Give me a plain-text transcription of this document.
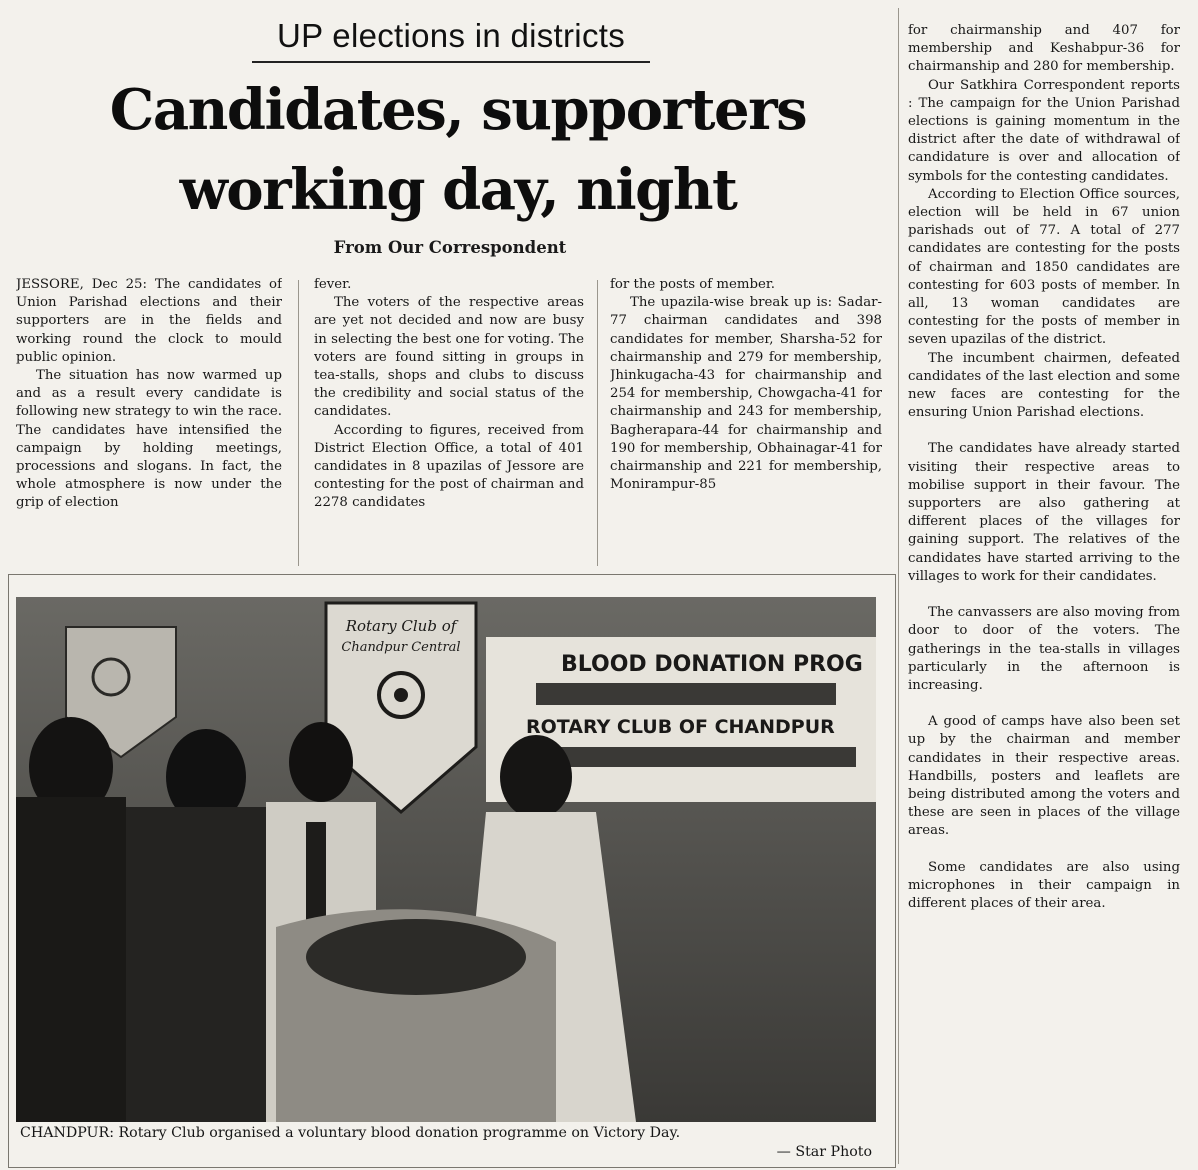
UP elections in districts
Candidates, supporters working day, night
From Our Correspondent

JESSORE, Dec 25: The candidates of Union Parishad elections and their supporters are in the fields and working round the clock to mould public opinion.

The situation has now warmed up and as a result every candidate is following new strategy to win the race. The candidates have intensified the campaign by holding meetings, processions and slogans. In fact, the whole atmosphere is now under the grip of election

fever.

The voters of the respective areas are yet not decided and now are busy in selecting the best one for voting. The voters are found sitting in groups in tea-stalls, shops and clubs to discuss the credibility and social status of the candidates.

According to figures, received from District Election Office, a total of 401 candidates in 8 upazilas of Jessore are contesting for the post of chairman and 2278 candidates

for the posts of member.

The upazila-wise break up is: Sadar-77 chairman candidates and 398 candidates for member, Sharsha-52 for chairmanship and 279 for membership, Jhinkugacha-43 for chairmanship and 254 for membership, Chowgacha-41 for chairmanship and 243 for membership, Bagherapara-44 for chairmanship and 190 for membership, Obhainagar-41 for chairmanship and 221 for membership, Monirampur-85

for chairmanship and 407 for membership and Keshabpur-36 for chairmanship and 280 for membership.

Our Satkhira Correspondent reports : The campaign for the Union Parishad elections is gaining momentum in the district after the date of withdrawal of candidature is over and allocation of symbols for the contesting candidates.

According to Election Office sources, election will be held in 67 union parishads out of 77. A total of 277 candidates are contesting for the posts of chairman and 1850 candidates are contesting for 603 posts of member. In all, 13 woman candidates are contesting for the posts of member in seven upazilas of the district.

The incumbent chairmen, defeated candidates of the last election and some new faces are contesting for the ensuring Union Parishad elections.

The candidates have already started visiting their respective areas to mobilise support in their favour. The supporters are also gathering at different places of the villages for gaining support. The relatives of the candidates have started arriving to the villages to work for their candidates.

The canvassers are also moving from door to door of the voters. The gatherings in the tea-stalls in villages particularly in the afternoon is increasing.

A good of camps have also been set up by the chairman and member candidates in their respective areas. Handbills, posters and leaflets are being distributed among the voters and these are seen in places of the village areas.

Some candidates are also using microphones in their campaign in different places of their area.

Rotary Club of
Chandpur Central
BLOOD DONATION PROG
ROTARY CLUB OF CHANDPUR
CHANDPUR: Rotary Club organised a voluntary blood donation programme on Victory Day.
— Star Photo
